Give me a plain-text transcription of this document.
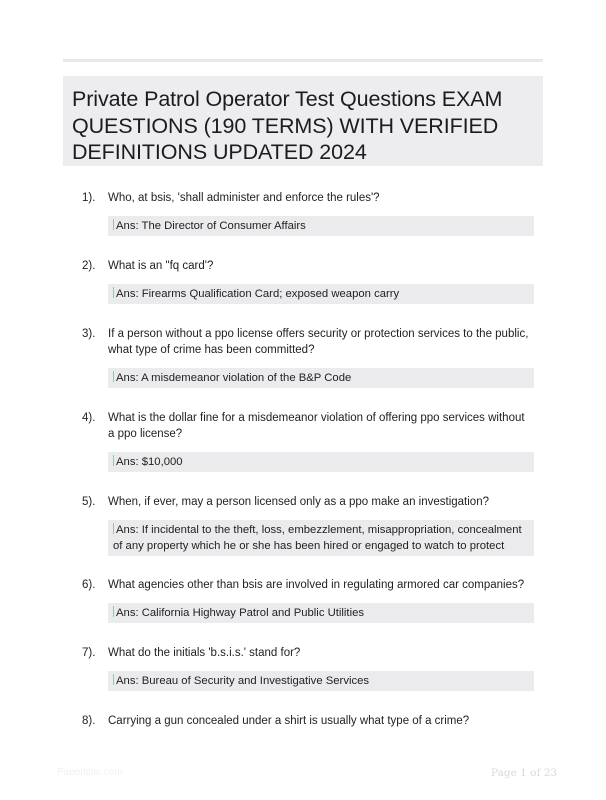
Private Patrol Operator Test Questions EXAM QUESTIONS (190 TERMS) WITH VERIFIED DEFINITIONS UPDATED 2024
1). Who, at bsis, 'shall administer and enforce the rules'?
Ans: The Director of Consumer Affairs
2). What is an "fq card'?
Ans: Firearms Qualification Card; exposed weapon carry
3). If a person without a ppo license offers security or protection services to the public, what type of crime has been committed?
Ans: A misdemeanor violation of the B&P Code
4). What is the dollar fine for a misdemeanor violation of offering ppo services without a ppo license?
Ans: $10,000
5). When, if ever, may a person licensed only as a ppo make an investigation?
Ans: If incidental to the theft, loss, embezzlement, misappropriation, concealment of any property which he or she has been hired or engaged to watch to protect
6). What agencies other than bsis are involved in regulating armored car companies?
Ans: California Highway Patrol and Public Utilities
7). What do the initials 'b.s.i.s.' stand for?
Ans: Bureau of Security and Investigative Services
8). Carrying a gun concealed under a shirt is usually what type of a crime?
Paperlibic.com	Page 1 of 23
